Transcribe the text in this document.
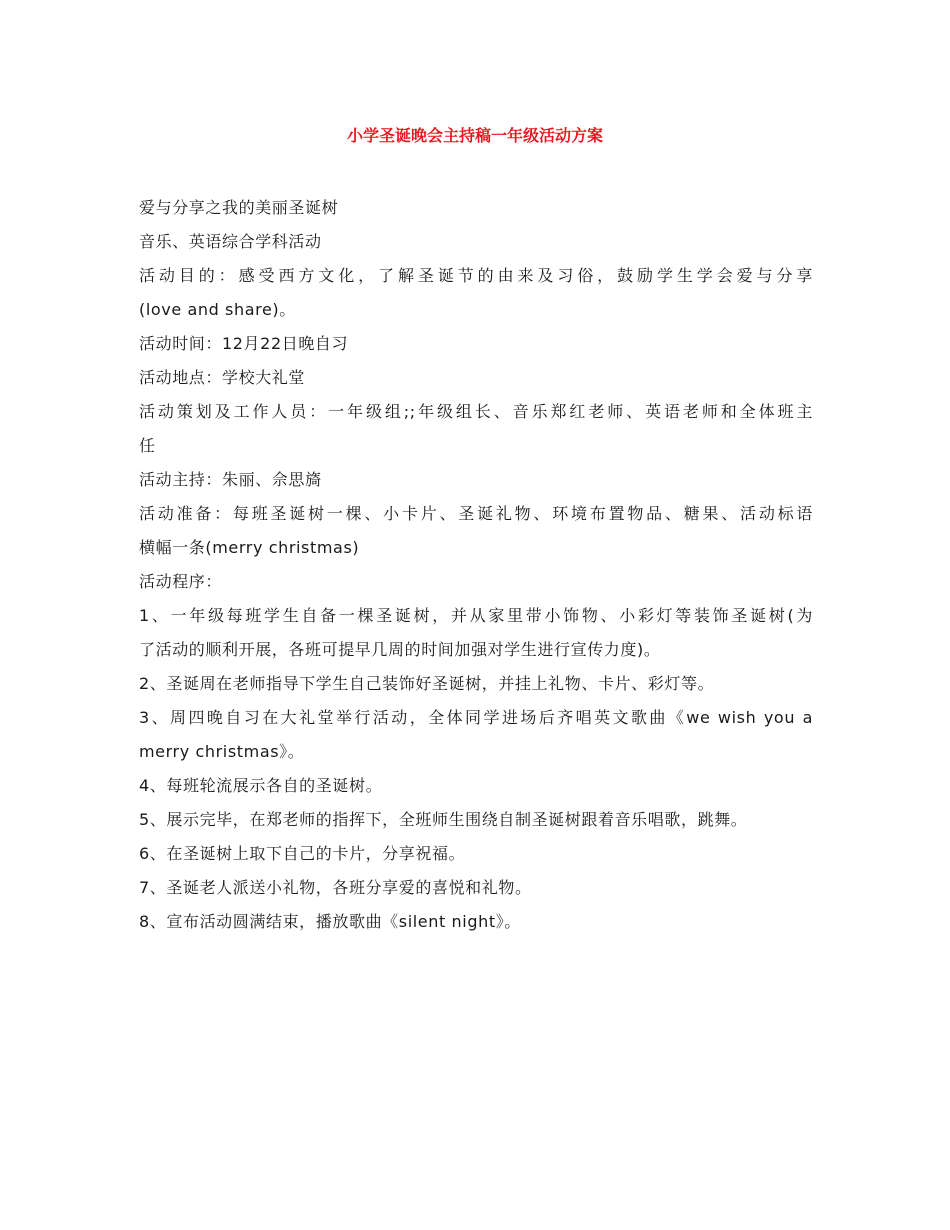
小学圣诞晚会主持稿一年级活动方案
爱与分享之我的美丽圣诞树
音乐、英语综合学科活动
活动目的：感受西方文化，了解圣诞节的由来及习俗，鼓励学生学会爱与分享
(love and share)。
活动时间：12月22日晚自习
活动地点：学校大礼堂
活动策划及工作人员：一年级组;;年级组长、音乐郑红老师、英语老师和全体班主
任
活动主持：朱丽、佘思旖
活动准备：每班圣诞树一棵、小卡片、圣诞礼物、环境布置物品、糖果、活动标语
横幅一条(merry christmas)
活动程序：
1、一年级每班学生自备一棵圣诞树，并从家里带小饰物、小彩灯等装饰圣诞树(为
了活动的顺利开展，各班可提早几周的时间加强对学生进行宣传力度)。
2、圣诞周在老师指导下学生自己装饰好圣诞树，并挂上礼物、卡片、彩灯等。
3、周四晚自习在大礼堂举行活动，全体同学进场后齐唱英文歌曲《we wish you a
merry christmas》。
4、每班轮流展示各自的圣诞树。
5、展示完毕，在郑老师的指挥下，全班师生围绕自制圣诞树跟着音乐唱歌，跳舞。
6、在圣诞树上取下自己的卡片，分享祝福。
7、圣诞老人派送小礼物，各班分享爱的喜悦和礼物。
8、宣布活动圆满结束，播放歌曲《silent night》。
